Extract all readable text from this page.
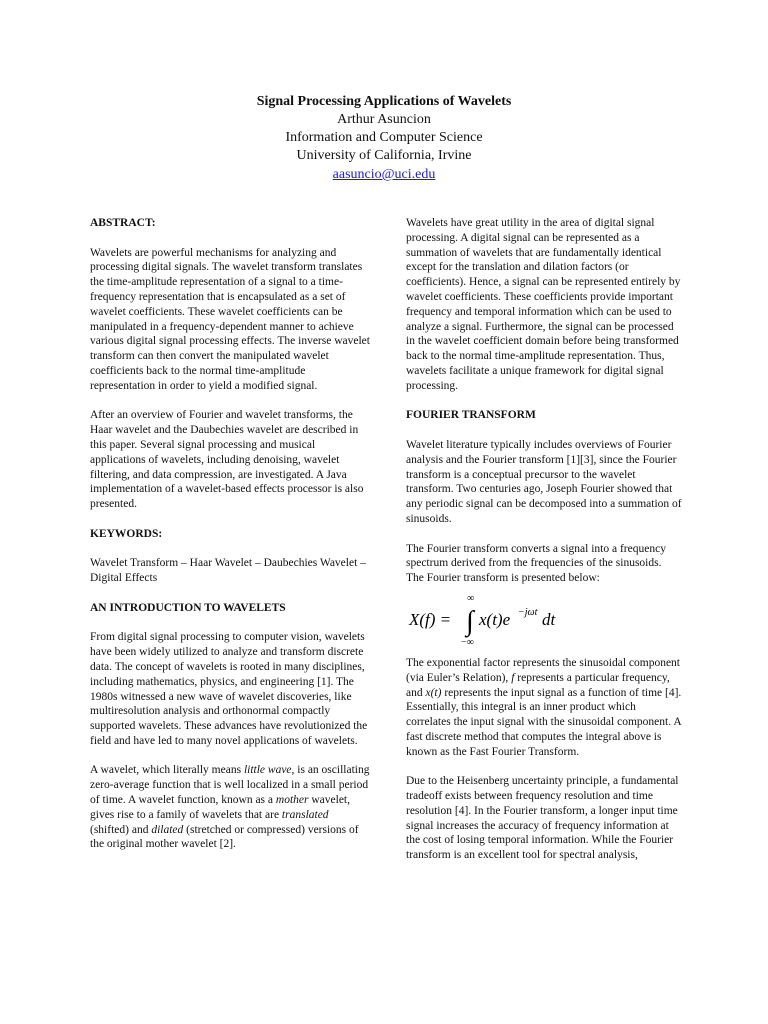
Signal Processing Applications of Wavelets
Arthur Asuncion
Information and Computer Science
University of California, Irvine
aasuncio@uci.edu
ABSTRACT:

Wavelets are powerful mechanisms for analyzing and processing digital signals. The wavelet transform translates the time-amplitude representation of a signal to a time-frequency representation that is encapsulated as a set of wavelet coefficients. These wavelet coefficients can be manipulated in a frequency-dependent manner to achieve various digital signal processing effects. The inverse wavelet transform can then convert the manipulated wavelet coefficients back to the normal time-amplitude representation in order to yield a modified signal.

After an overview of Fourier and wavelet transforms, the Haar wavelet and the Daubechies wavelet are described in this paper. Several signal processing and musical applications of wavelets, including denoising, wavelet filtering, and data compression, are investigated. A Java implementation of a wavelet-based effects processor is also presented.

KEYWORDS:

Wavelet Transform – Haar Wavelet – Daubechies Wavelet – Digital Effects

AN INTRODUCTION TO WAVELETS

From digital signal processing to computer vision, wavelets have been widely utilized to analyze and transform discrete data. The concept of wavelets is rooted in many disciplines, including mathematics, physics, and engineering [1]. The 1980s witnessed a new wave of wavelet discoveries, like multiresolution analysis and orthonormal compactly supported wavelets. These advances have revolutionized the field and have led to many novel applications of wavelets.

A wavelet, which literally means little wave, is an oscillating zero-average function that is well localized in a small period of time. A wavelet function, known as a mother wavelet, gives rise to a family of wavelets that are translated (shifted) and dilated (stretched or compressed) versions of the original mother wavelet [2].

Wavelets have great utility in the area of digital signal processing. A digital signal can be represented as a summation of wavelets that are fundamentally identical except for the translation and dilation factors (or coefficients). Hence, a signal can be represented entirely by wavelet coefficients. These coefficients provide important frequency and temporal information which can be used to analyze a signal. Furthermore, the signal can be processed in the wavelet coefficient domain before being transformed back to the normal time-amplitude representation. Thus, wavelets facilitate a unique framework for digital signal processing.

FOURIER TRANSFORM

Wavelet literature typically includes overviews of Fourier analysis and the Fourier transform [1][3], since the Fourier transform is a conceptual precursor to the wavelet transform. Two centuries ago, Joseph Fourier showed that any periodic signal can be decomposed into a summation of sinusoids.

The Fourier transform converts a signal into a frequency spectrum derived from the frequencies of the sinusoids. The Fourier transform is presented below:

X(f) =
∞
∫
−∞
x(t)e −jωt dt

The exponential factor represents the sinusoidal component (via Euler’s Relation), f represents a particular frequency, and x(t) represents the input signal as a function of time [4]. Essentially, this integral is an inner product which correlates the input signal with the sinusoidal component. A fast discrete method that computes the integral above is known as the Fast Fourier Transform.

Due to the Heisenberg uncertainty principle, a fundamental tradeoff exists between frequency resolution and time resolution [4]. In the Fourier transform, a longer input time signal increases the accuracy of frequency information at the cost of losing temporal information. While the Fourier transform is an excellent tool for spectral analysis,
